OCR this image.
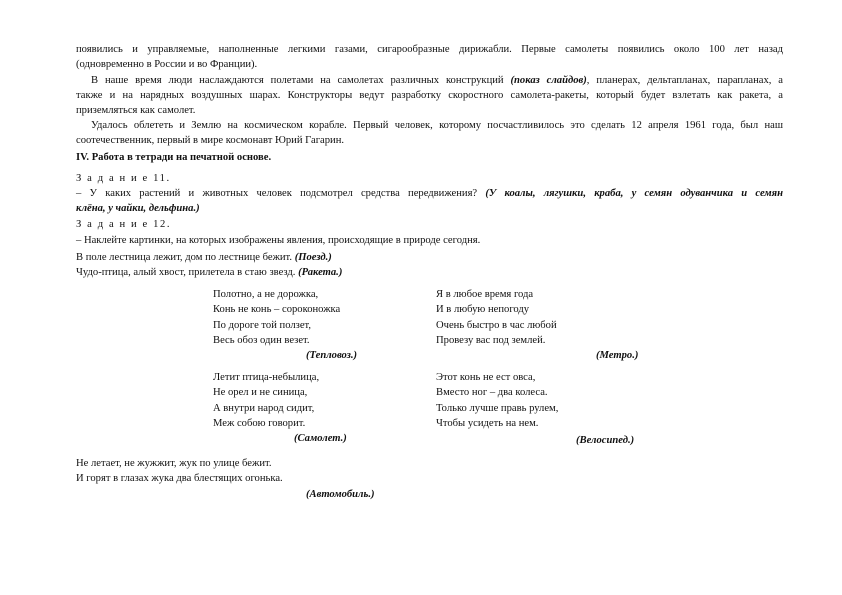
появились и управляемые, наполненные легкими газами, сигарообразные дирижабли. Первые самолеты появились около 100 лет назад
(одновременно в России и во Франции).
В наше время люди наслаждаются полетами на самолетах различных конструкций (показ слайдов), планерах, дельтапланах, парапланах, а
также и на нарядных воздушных шарах. Конструкторы ведут разработку скоростного самолета-ракеты, который будет взлетать как ракета, а
приземляться как самолет.
Удалось облететь и Землю на космическом корабле. Первый человек, которому посчастливилось это сделать 12 апреля 1961 года, был наш
соотечественник, первый в мире космонавт Юрий Гагарин.
IV. Работа в тетради на печатной основе.
З а д а н и е 11.
– У каких растений и животных человек подсмотрел средства передвижения? (У коалы, лягушки, краба, у семян одуванчика и семян
клёна, у чайки, дельфина.)
З а д а н и е 12.
– Наклейте картинки, на которых изображены явления, происходящие в природе сегодня.
В поле лестница лежит, дом по лестнице бежит. (Поезд.)
Чудо-птица, алый хвост, прилетела в стаю звезд. (Ракета.)
Полотно, а не дорожка,
Конь не конь – сороконожка
По дороге той ползет,
Весь обоз один везет.
(Тепловоз.)
Я в любое время года
И в любую непогоду
Очень быстро в час любой
Провезу вас под землей.
(Метро.)
Летит птица-небылица,
Не орел и не синица,
А внутри народ сидит,
Меж собою говорит.
(Самолет.)
Этот конь не ест овса,
Вместо ног – два колеса.
Только лучше правь рулем,
Чтобы усидеть на нем.
(Велосипед.)
Не летает, не жужжит, жук по улице бежит.
И горят в глазах жука два блестящих огонька.
(Автомобиль.)
